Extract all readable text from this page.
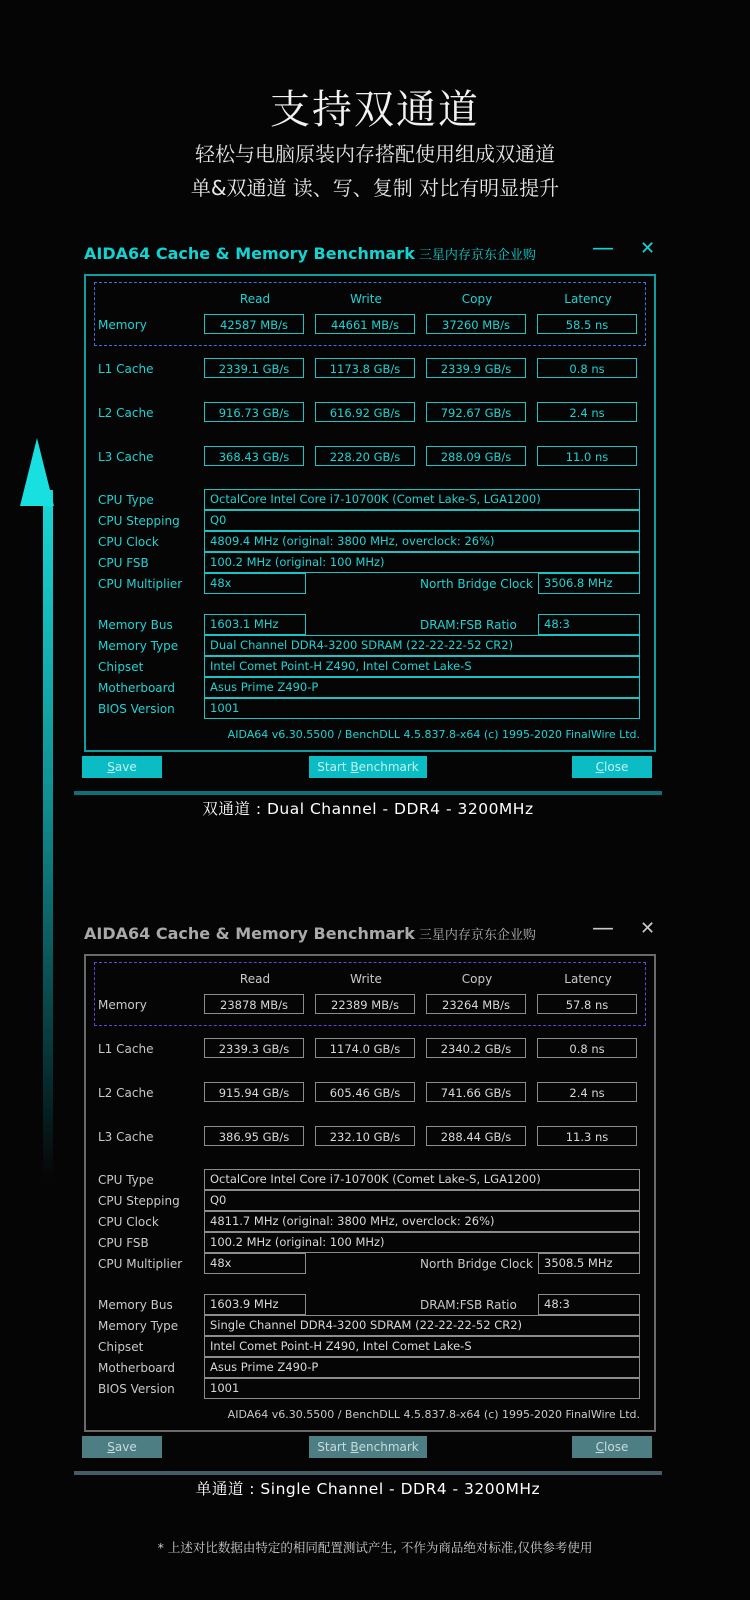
支持双通道
轻松与电脑原装内存搭配使用组成双通道
单&双通道 读、写、复制 对比有明显提升
AIDA64 Cache & Memory Benchmark 三星内存京东企业购	— ✕
Read	Write	Copy	Latency
Memory	42587 MB/s	44661 MB/s	37260 MB/s	58.5 ns
L1 Cache	2339.1 GB/s	1173.8 GB/s	2339.9 GB/s	0.8 ns
L2 Cache	916.73 GB/s	616.92 GB/s	792.67 GB/s	2.4 ns
L3 Cache	368.43 GB/s	228.20 GB/s	288.09 GB/s	11.0 ns
CPU Type	OctalCore Intel Core i7-10700K (Comet Lake-S, LGA1200)
CPU Stepping	Q0
CPU Clock	4809.4 MHz (original: 3800 MHz, overclock: 26%)
CPU FSB	100.2 MHz (original: 100 MHz)
CPU Multiplier	48x	North Bridge Clock 3506.8 MHz
Memory Bus	1603.1 MHz	DRAM:FSB Ratio	48:3
Memory Type	Dual Channel DDR4-3200 SDRAM (22-22-22-52 CR2)
Chipset	Intel Comet Point-H Z490, Intel Comet Lake-S
Motherboard	Asus Prime Z490-P
BIOS Version	1001
AIDA64 v6.30.5500 / BenchDLL 4.5.837.8-x64 (c) 1995-2020 FinalWire Ltd.
Save	Start Benchmark	Close
双通道 : Dual Channel - DDR4 - 3200MHz
AIDA64 Cache & Memory Benchmark 三星内存京东企业购	— ✕
Read	Write	Copy	Latency
Memory	23878 MB/s	22389 MB/s	23264 MB/s	57.8 ns
L1 Cache	2339.3 GB/s	1174.0 GB/s	2340.2 GB/s	0.8 ns
L2 Cache	915.94 GB/s	605.46 GB/s	741.66 GB/s	2.4 ns
L3 Cache	386.95 GB/s	232.10 GB/s	288.44 GB/s	11.3 ns
CPU Type	OctalCore Intel Core i7-10700K (Comet Lake-S, LGA1200)
CPU Stepping	Q0
CPU Clock	4811.7 MHz (original: 3800 MHz, overclock: 26%)
CPU FSB	100.2 MHz (original: 100 MHz)
CPU Multiplier	48x	North Bridge Clock 3508.5 MHz
Memory Bus	1603.9 MHz	DRAM:FSB Ratio	48:3
Memory Type	Single Channel DDR4-3200 SDRAM (22-22-22-52 CR2)
Chipset	Intel Comet Point-H Z490, Intel Comet Lake-S
Motherboard	Asus Prime Z490-P
BIOS Version	1001
AIDA64 v6.30.5500 / BenchDLL 4.5.837.8-x64 (c) 1995-2020 FinalWire Ltd.
Save	Start Benchmark	Close
单通道 : Single Channel - DDR4 - 3200MHz
* 上述对比数据由特定的相同配置测试产生, 不作为商品绝对标准,仅供参考使用
